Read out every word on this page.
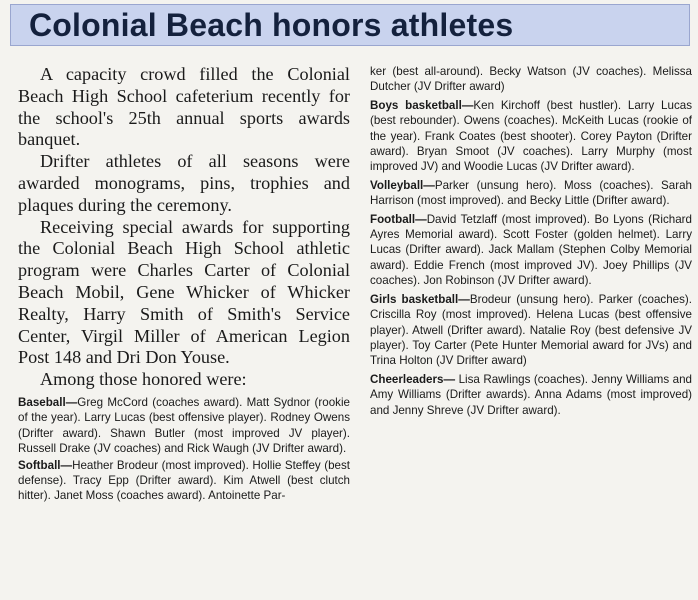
Colonial Beach honors athletes

A capacity crowd filled the Colonial Beach High School cafeterium recently for the school's 25th annual sports awards banquet.

Drifter athletes of all seasons were awarded monograms, pins, trophies and plaques during the ceremony.

Receiving special awards for supporting the Colonial Beach High School athletic program were Charles Carter of Colonial Beach Mobil, Gene Whicker of Whicker Realty, Harry Smith of Smith's Service Center, Virgil Miller of American Legion Post 148 and Dri Don Youse.

Among those honored were:

Baseball—Greg McCord (coaches award). Matt Sydnor (rookie of the year). Larry Lucas (best offensive player). Rodney Owens (Drifter award). Shawn Butler (most improved JV player). Russell Drake (JV coaches) and Rick Waugh (JV Drifter award).

Softball—Heather Brodeur (most improved). Hollie Steffey (best defense). Tracy Epp (Drifter award). Kim Atwell (best clutch hitter). Janet Moss (coaches award). Antoinette Par-

ker (best all-around). Becky Watson (JV coaches). Melissa Dutcher (JV Drifter award)

Boys basketball—Ken Kirchoff (best hustler). Larry Lucas (best rebounder). Owens (coaches). McKeith Lucas (rookie of the year). Frank Coates (best shooter). Corey Payton (Drifter award). Bryan Smoot (JV coaches). Larry Murphy (most improved JV) and Woodie Lucas (JV Drifter award).

Volleyball—Parker (unsung hero). Moss (coaches). Sarah Harrison (most improved). and Becky Little (Drifter award).

Football—David Tetzlaff (most improved). Bo Lyons (Richard Ayres Memorial award). Scott Foster (golden helmet). Larry Lucas (Drifter award). Jack Mallam (Stephen Colby Memorial award). Eddie French (most improved JV). Joey Phillips (JV coaches). Jon Robinson (JV Drifter award).

Girls basketball—Brodeur (unsung hero). Parker (coaches). Criscilla Roy (most improved). Helena Lucas (best offensive player). Atwell (Drifter award). Natalie Roy (best defensive JV player). Toy Carter (Pete Hunter Memorial award for JVs) and Trina Holton (JV Drifter award)

Cheerleaders— Lisa Rawlings (coaches). Jenny Williams and Amy Williams (Drifter awards). Anna Adams (most improved) and Jenny Shreve (JV Drifter award).
